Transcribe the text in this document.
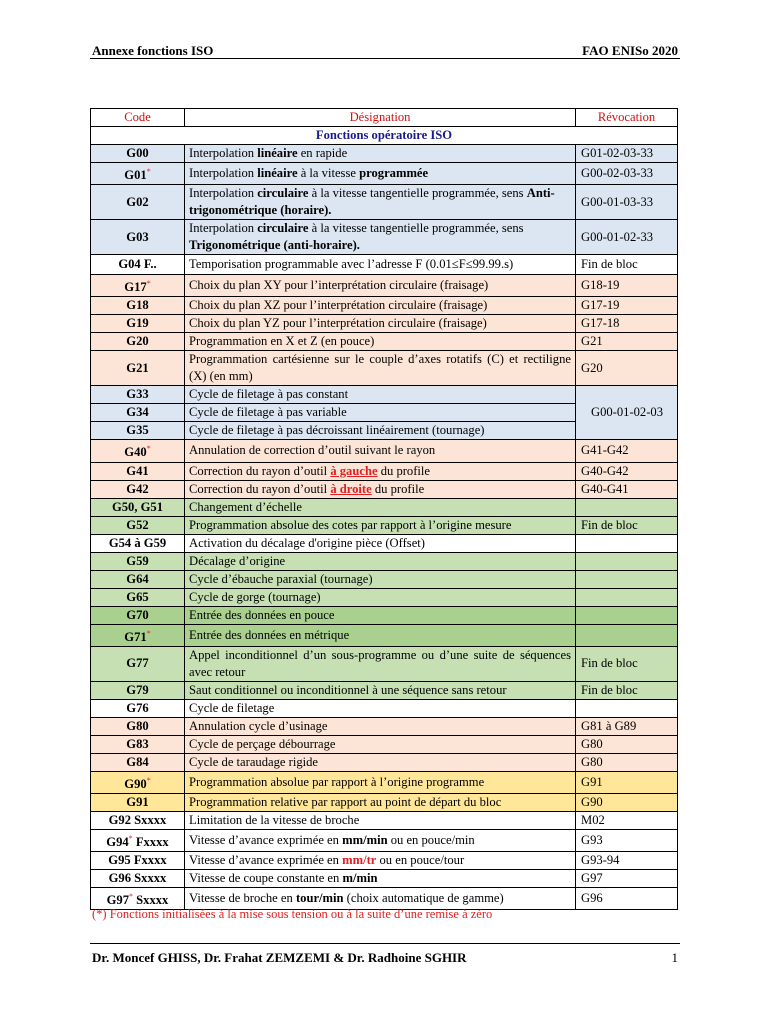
Annexe fonctions ISO	FAO ENISo 2020
Code	Désignation	Révocation
Fonctions opératoire ISO		
G00	Interpolation linéaire en rapide	G01-02-03-33
G01*	Interpolation linéaire à la vitesse programmée	G00-02-03-33
G02	Interpolation circulaire à la vitesse tangentielle programmée, sens Anti-trigonométrique (horaire).	G00-01-03-33
G03	Interpolation circulaire à la vitesse tangentielle programmée, sens Trigonométrique (anti-horaire).	G00-01-02-33
G04 F..	Temporisation programmable avec l’adresse F (0.01≤F≤99.99.s)	Fin de bloc
G17*	Choix du plan XY pour l’interprétation circulaire (fraisage)	G18-19
G18	Choix du plan XZ pour l’interprétation circulaire (fraisage)	G17-19
G19	Choix du plan YZ pour l’interprétation circulaire (fraisage)	G17-18
G20	Programmation en X et Z (en pouce)	G21
G21	Programmation cartésienne sur le couple d’axes rotatifs (C) et rectiligne (X) (en mm)	G20
G33	Cycle de filetage à pas constant	G00-01-02-03
G34	Cycle de filetage à pas variable	
G35	Cycle de filetage à pas décroissant linéairement (tournage)	
G40*	Annulation de correction d’outil suivant le rayon	G41-G42
G41	Correction du rayon d’outil à gauche du profile	G40-G42
G42	Correction du rayon d’outil à droite du profile	G40-G41
G50, G51	Changement d’échelle	
G52	Programmation absolue des cotes par rapport à l’origine mesure	Fin de bloc
G54 à G59	Activation du décalage d'origine pièce (Offset)	
G59	Décalage d’origine	
G64	Cycle d’ébauche paraxial (tournage)	
G65	Cycle de gorge (tournage)	
G70	Entrée des données en pouce	
G71*	Entrée des données en métrique	
G77	Appel inconditionnel d’un sous-programme ou d’une suite de séquences avec retour	Fin de bloc
G79	Saut conditionnel ou inconditionnel à une séquence sans retour	Fin de bloc
G76	Cycle de filetage	
G80	Annulation cycle d’usinage	G81 à G89
G83	Cycle de perçage débourrage	G80
G84	Cycle de taraudage rigide	G80
G90*	Programmation absolue par rapport à l’origine programme	G91
G91	Programmation relative par rapport au point de départ du bloc	G90
G92 Sxxxx	Limitation de la vitesse de broche	M02
G94* Fxxxx	Vitesse d’avance exprimée en mm/min ou en pouce/min	G93
G95 Fxxxx	Vitesse d’avance exprimée en mm/tr ou en pouce/tour	G93-94
G96 Sxxxx	Vitesse de coupe constante en m/min	G97
G97* Sxxxx	Vitesse de broche en tour/min (choix automatique de gamme)	G96
(*) Fonctions initialisées à la mise sous tension ou à la suite d’une remise à zéro
Dr. Moncef GHISS, Dr. Frahat ZEMZEMI & Dr. Radhoine SGHIR	1
